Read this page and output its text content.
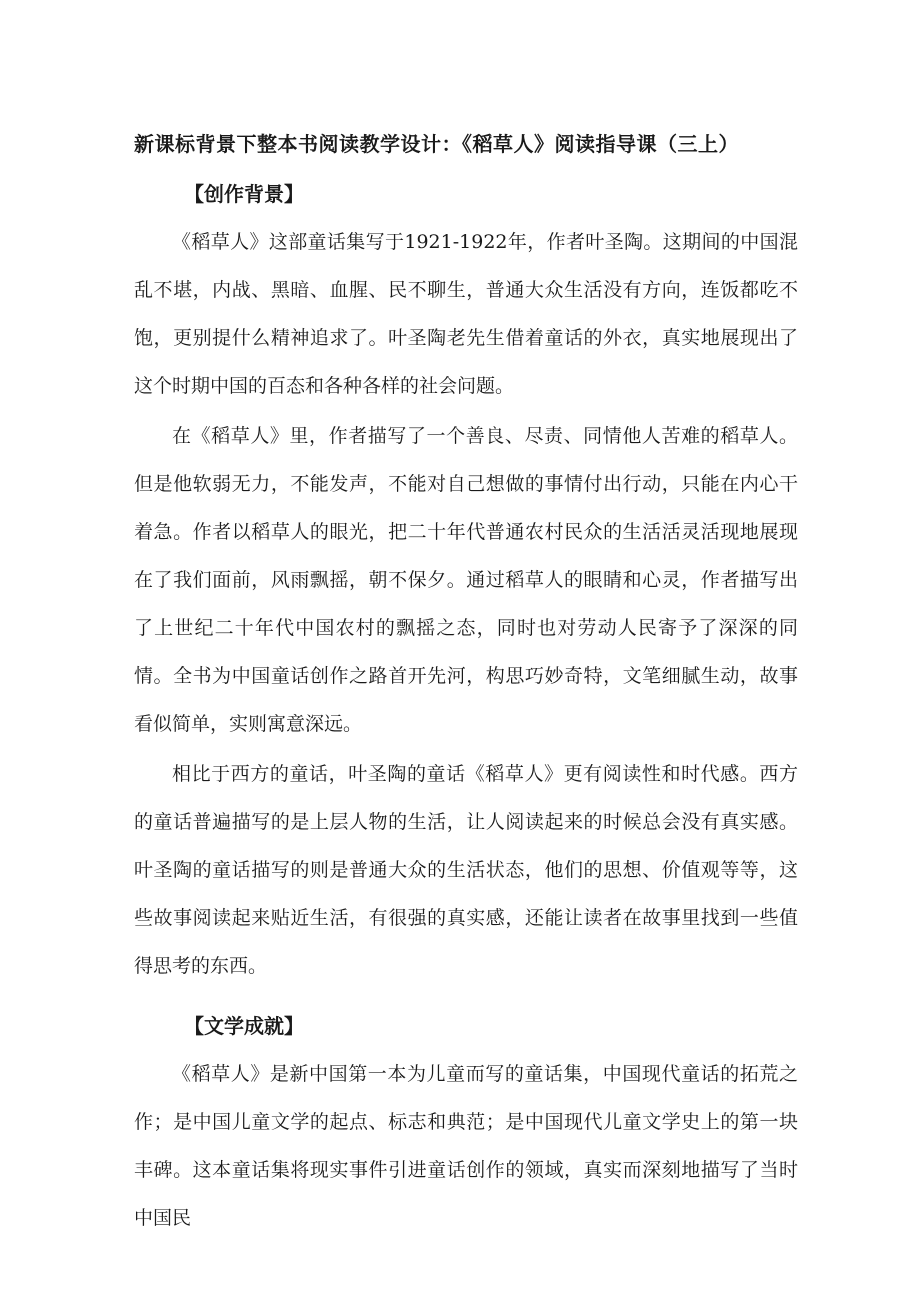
新课标背景下整本书阅读教学设计：《稻草人》阅读指导课（三上）
【创作背景】

《稻草人》这部童话集写于1921-1922年，作者叶圣陶。这期间的中国混乱不堪，内战、黑暗、血腥、民不聊生，普通大众生活没有方向，连饭都吃不饱，更别提什么精神追求了。叶圣陶老先生借着童话的外衣，真实地展现出了这个时期中国的百态和各种各样的社会问题。

在《稻草人》里，作者描写了一个善良、尽责、同情他人苦难的稻草人。但是他软弱无力，不能发声，不能对自己想做的事情付出行动，只能在内心干着急。作者以稻草人的眼光，把二十年代普通农村民众的生活活灵活现地展现在了我们面前，风雨飘摇，朝不保夕。通过稻草人的眼睛和心灵，作者描写出了上世纪二十年代中国农村的飘摇之态，同时也对劳动人民寄予了深深的同情。全书为中国童话创作之路首开先河，构思巧妙奇特，文笔细腻生动，故事看似简单，实则寓意深远。

相比于西方的童话，叶圣陶的童话《稻草人》更有阅读性和时代感。西方的童话普遍描写的是上层人物的生活，让人阅读起来的时候总会没有真实感。叶圣陶的童话描写的则是普通大众的生活状态，他们的思想、价值观等等，这些故事阅读起来贴近生活，有很强的真实感，还能让读者在故事里找到一些值得思考的东西。

【文学成就】

《稻草人》是新中国第一本为儿童而写的童话集，中国现代童话的拓荒之作；是中国儿童文学的起点、标志和典范；是中国现代儿童文学史上的第一块丰碑。这本童话集将现实事件引进童话创作的领域，真实而深刻地描写了当时中国民
